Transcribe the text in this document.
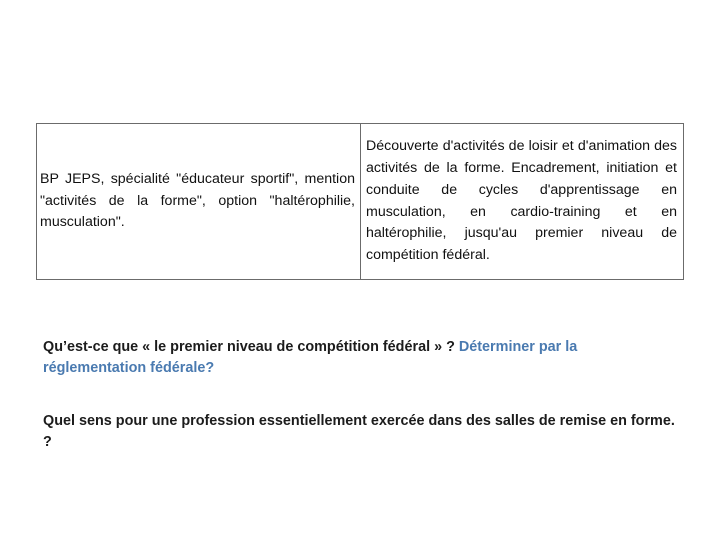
BP JEPS, spécialité "éducateur sportif", mention "activités de la forme", option "haltérophilie, musculation".

Découverte d'activités de loisir et d'animation des activités de la forme. Encadrement, initiation et conduite de cycles d'apprentissage en musculation, en cardio-training et en haltérophilie, jusqu'au premier niveau de compétition fédéral.

Qu’est-ce que « le premier niveau de compétition fédéral » ? Déterminer par la réglementation fédérale?

Quel sens pour une profession essentiellement exercée dans des salles de remise en forme. ?
